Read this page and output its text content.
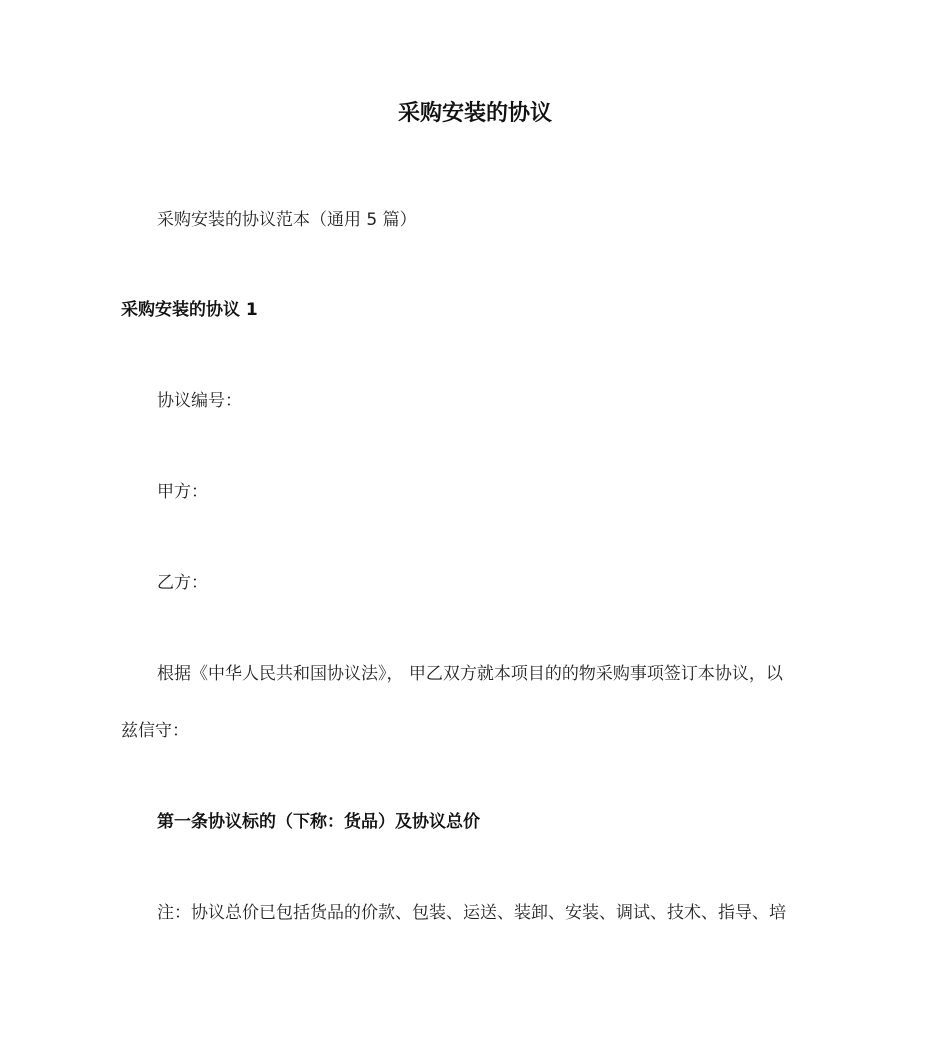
采购安装的协议
采购安装的协议范本（通用 5 篇）
采购安装的协议 1
协议编号：
甲方：
乙方：
根据《中华人民共和国协议法》， 甲乙双方就本项目的的物采购事项签订本协议，以
兹信守：
第一条协议标的（下称：货品）及协议总价
注：协议总价已包括货品的价款、包装、运送、装卸、安装、调试、技术、指导、培
